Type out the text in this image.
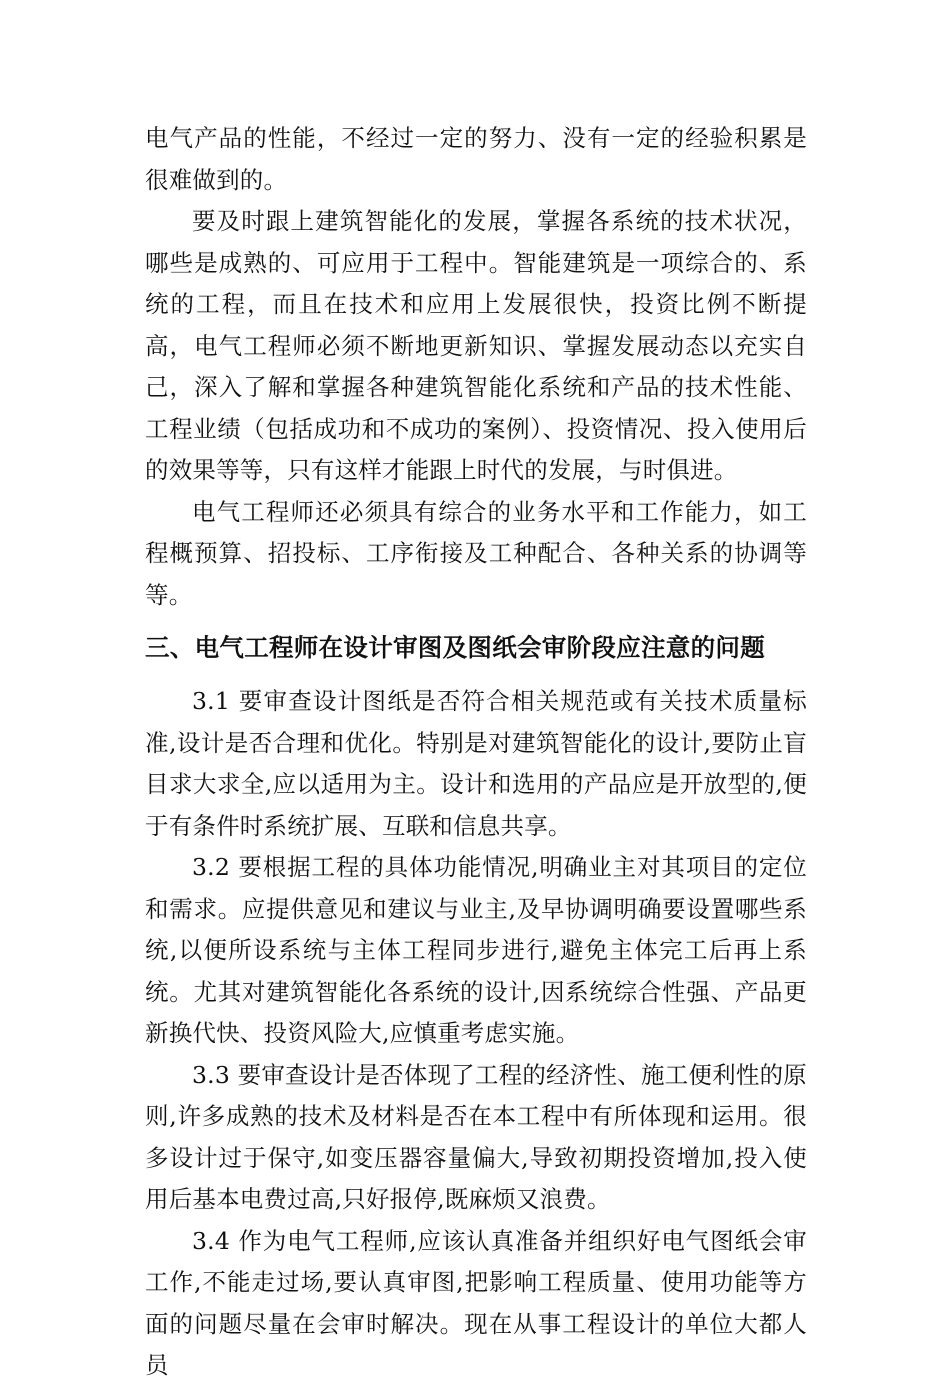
电气产品的性能，不经过一定的努力、没有一定的经验积累是很难做到的。

要及时跟上建筑智能化的发展，掌握各系统的技术状况，哪些是成熟的、可应用于工程中。智能建筑是一项综合的、系统的工程，而且在技术和应用上发展很快，投资比例不断提高，电气工程师必须不断地更新知识、掌握发展动态以充实自己，深入了解和掌握各种建筑智能化系统和产品的技术性能、工程业绩（包括成功和不成功的案例）、投资情况、投入使用后的效果等等，只有这样才能跟上时代的发展，与时俱进。

电气工程师还必须具有综合的业务水平和工作能力，如工程概预算、招投标、工序衔接及工种配合、各种关系的协调等等。

三、电气工程师在设计审图及图纸会审阶段应注意的问题

3.1 要审查设计图纸是否符合相关规范或有关技术质量标准,设计是否合理和优化。特别是对建筑智能化的设计,要防止盲目求大求全,应以适用为主。设计和选用的产品应是开放型的,便于有条件时系统扩展、互联和信息共享。

3.2 要根据工程的具体功能情况,明确业主对其项目的定位和需求。应提供意见和建议与业主,及早协调明确要设置哪些系统,以便所设系统与主体工程同步进行,避免主体完工后再上系统。尤其对建筑智能化各系统的设计,因系统综合性强、产品更新换代快、投资风险大,应慎重考虑实施。

3.3 要审查设计是否体现了工程的经济性、施工便利性的原则,许多成熟的技术及材料是否在本工程中有所体现和运用。很多设计过于保守,如变压器容量偏大,导致初期投资增加,投入使用后基本电费过高,只好报停,既麻烦又浪费。

3.4 作为电气工程师,应该认真准备并组织好电气图纸会审工作,不能走过场,要认真审图,把影响工程质量、使用功能等方面的问题尽量在会审时解决。现在从事工程设计的单位大都人员
